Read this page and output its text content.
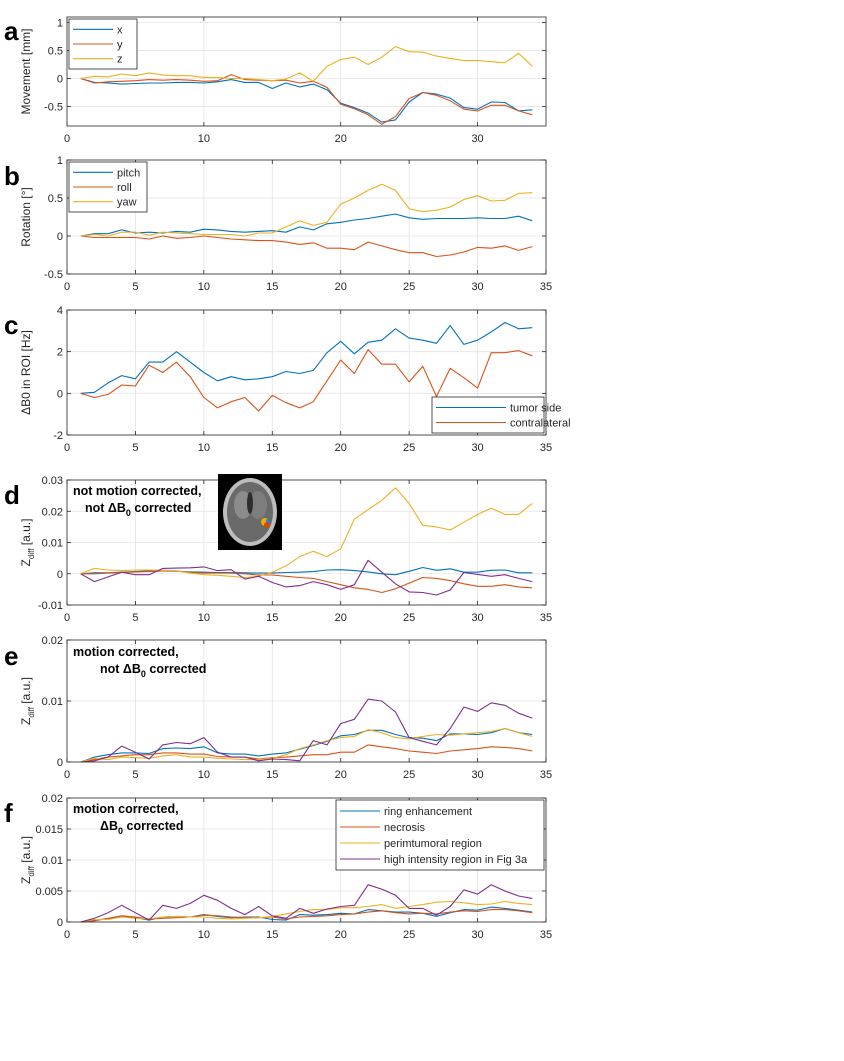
0	10	20	30
-0.5
0
0.5
1
Movement [mm]
a	x
y
z
0	5	10	15	20	25	30	35
-0.5
0
0.5
1
Rotation [°]
b	pitch
roll
yaw
0	5	10	15	20	25	30	35
-2
0
2
4
ΔB0 in ROI [Hz]
c
tumor side
contralateral
0	5	10	15	20	25	30	35
-0.01
0
0.01
0.02
0.03
$Z_{diff}$ [a.u.]
d	not motion corrected,
not $\Delta B_0$ corrected
0	5	10	15	20	25	30	35
0
0.01
0.02
$Z_{diff}$ [a.u.]
e	motion corrected,
not $\Delta B_0$ corrected
0	5	10	15	20	25	30	35
0
0.005
0.01
0.015
0.02
$Z_{diff}$ [a.u.]
f	ring enhancement
necrosis
perimtumoral region
high intensity region in Fig 3a
motion corrected,
$\Delta B_0$ corrected
